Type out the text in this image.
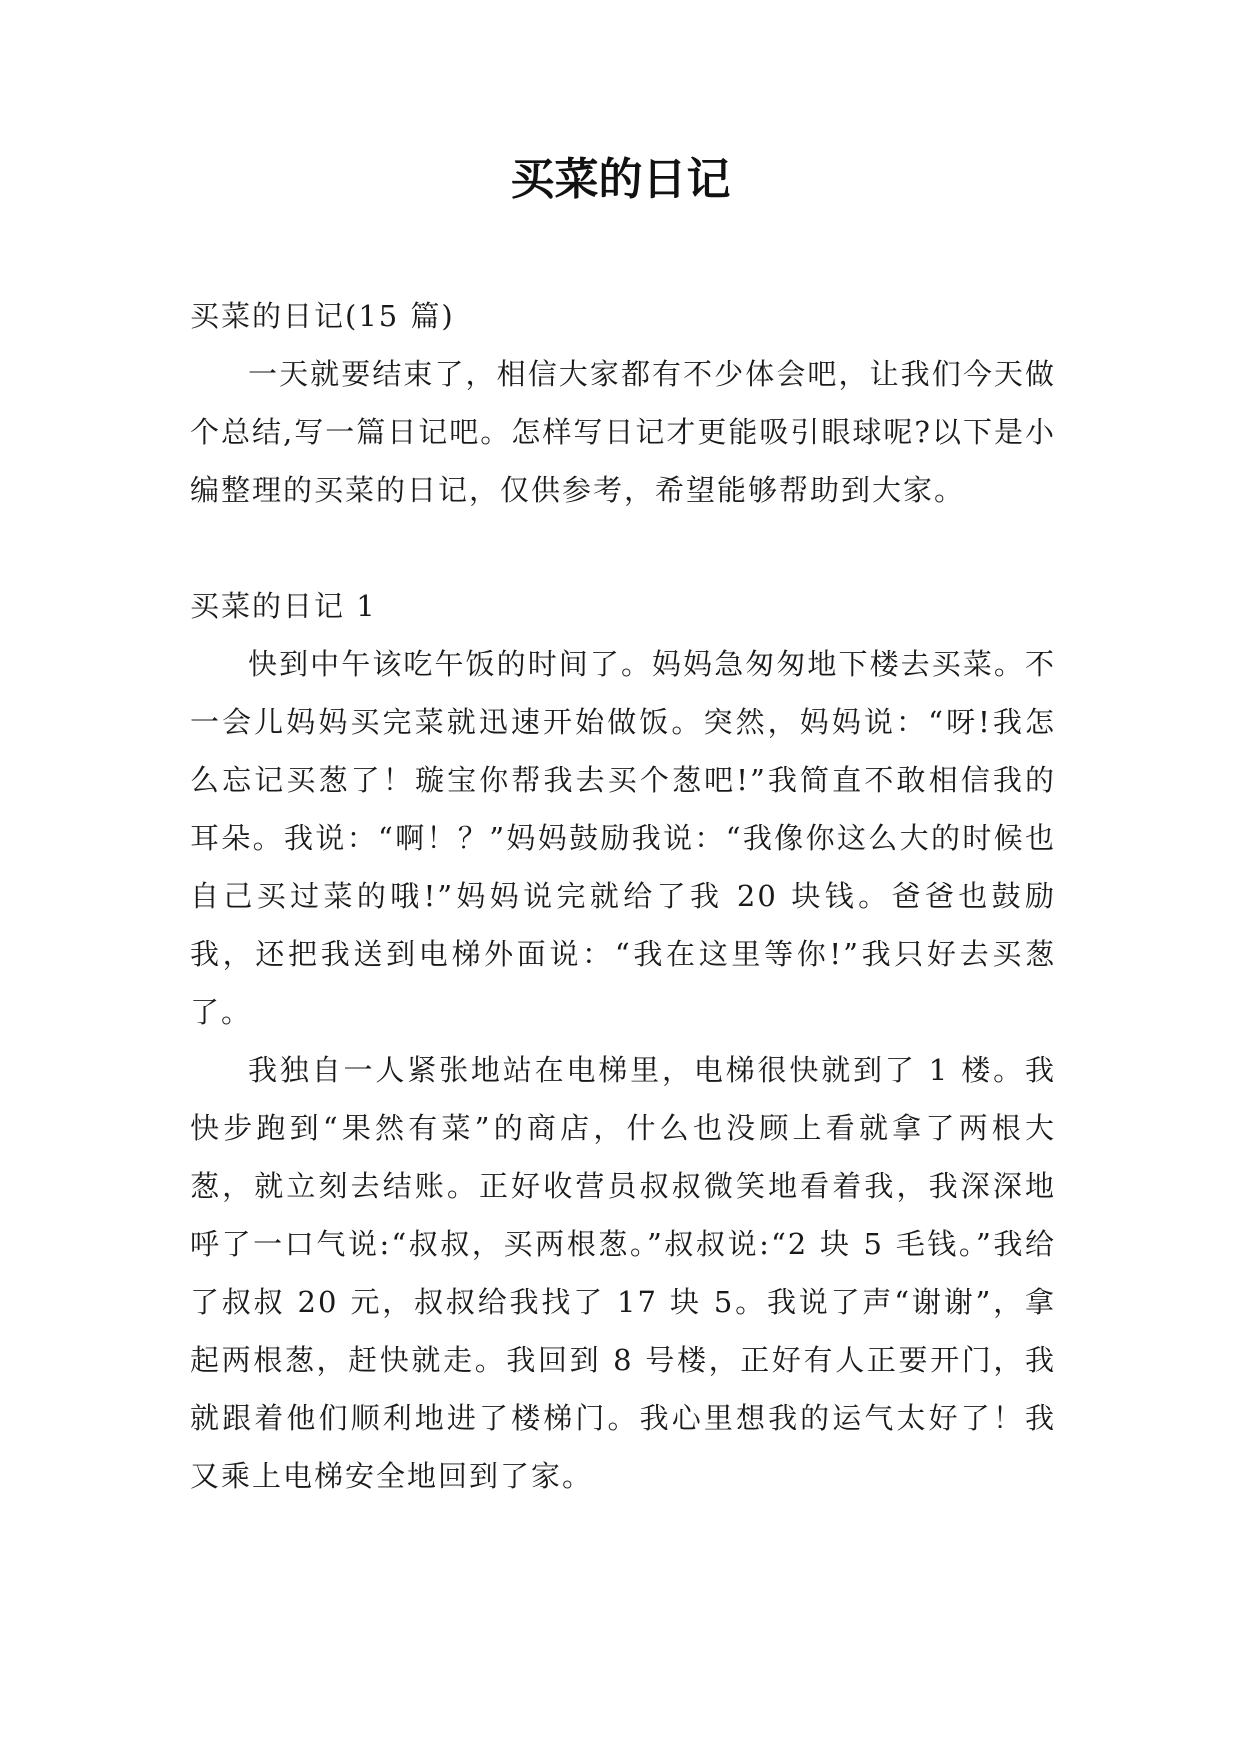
买菜的日记

买菜的日记(15 篇)

一天就要结束了，相信大家都有不少体会吧，让我们今天做个总结,写一篇日记吧。怎样写日记才更能吸引眼球呢?以下是小编整理的买菜的日记，仅供参考，希望能够帮助到大家。

买菜的日记 1

快到中午该吃午饭的时间了。妈妈急匆匆地下楼去买菜。不一会儿妈妈买完菜就迅速开始做饭。突然，妈妈说：“呀!我怎么忘记买葱了！璇宝你帮我去买个葱吧!”我简直不敢相信我的耳朵。我说：“啊！？”妈妈鼓励我说：“我像你这么大的时候也自己买过菜的哦!”妈妈说完就给了我 20 块钱。爸爸也鼓励我，还把我送到电梯外面说：“我在这里等你!”我只好去买葱了。

我独自一人紧张地站在电梯里，电梯很快就到了 1 楼。我快步跑到“果然有菜”的商店，什么也没顾上看就拿了两根大葱，就立刻去结账。正好收营员叔叔微笑地看着我，我深深地呼了一口气说:“叔叔，买两根葱。”叔叔说:“2 块 5 毛钱。”我给了叔叔 20 元，叔叔给我找了 17 块 5。我说了声“谢谢”，拿起两根葱，赶快就走。我回到 8 号楼，正好有人正要开门，我就跟着他们顺利地进了楼梯门。我心里想我的运气太好了！我又乘上电梯安全地回到了家。
